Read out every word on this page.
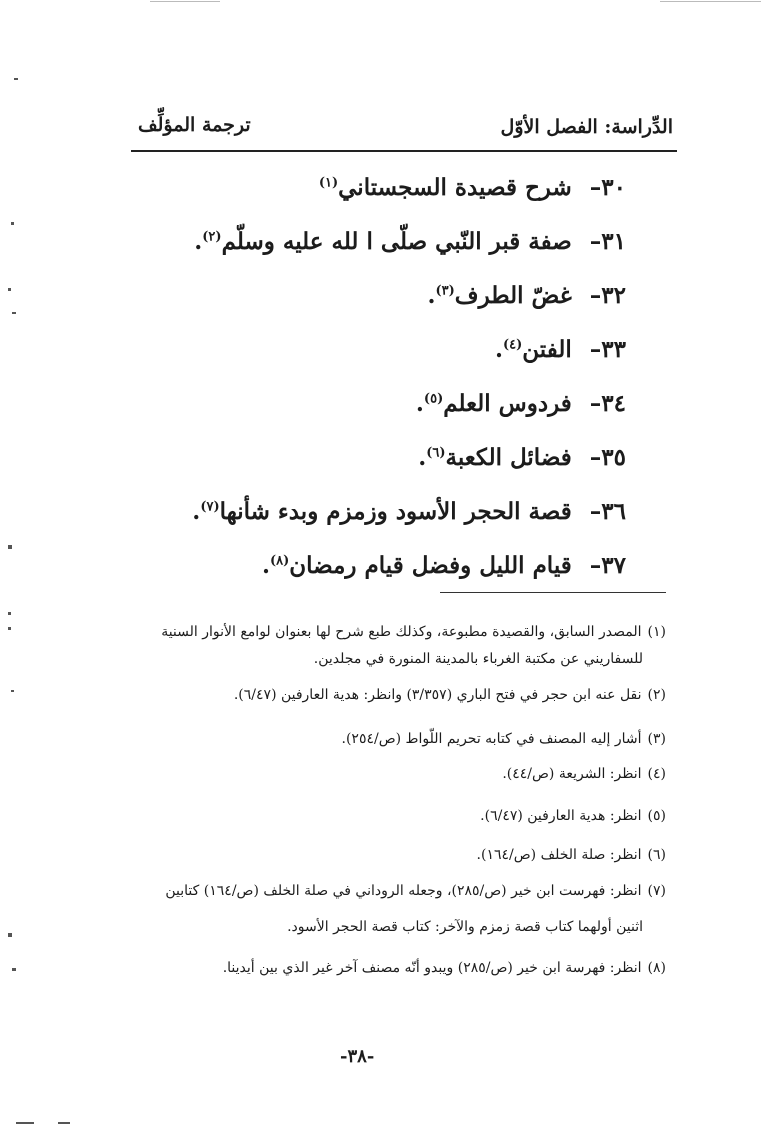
الدِّراسة: الفصل الأوّل
ترجمة المؤلِّف
٣٠– شرح قصيدة السجستاني$^{(١)}$
٣١– صفة قبر النّبي صلّى ا لله عليه وسلّم$^{(٢)}$.
٣٢– غضّ الطرف$^{(٣)}$.
٣٣– الفتن$^{(٤)}$.
٣٤– فردوس العلم$^{(٥)}$.
٣٥– فضائل الكعبة$^{(٦)}$.
٣٦– قصة الحجر الأسود وزمزم وبدء شأنها$^{(٧)}$.
٣٧– قيام الليل وفضل قيام رمضان$^{(٨)}$.
(١)المصدر السابق، والقصيدة مطبوعة، وكذلك طبع شرح لها بعنوان لوامع الأنوار السنية
للسفاريني عن مكتبة الغرباء بالمدينة المنورة في مجلدين.
(٢)نقل عنه ابن حجر في فتح الباري (٣/٣٥٧) وانظر: هدية العارفين (٦/٤٧).
(٣)أشار إليه المصنف في كتابه تحريم اللّواط (ص/٢٥٤).
(٤)انظر: الشريعة (ص/٤٤).
(٥)انظر: هدية العارفين (٦/٤٧).
(٦)انظر: صلة الخلف (ص/١٦٤).
(٧)انظر: فهرست ابن خير (ص/٢٨٥)، وجعله الروداني في صلة الخلف (ص/١٦٤) كتابين
اثنين أولهما كتاب قصة زمزم والآخر: كتاب قصة الحجر الأسود.
(٨)انظر: فهرسة ابن خير (ص/٢٨٥) ويبدو أنّه مصنف آخر غير الذي بين أيدينا.
-٣٨-
